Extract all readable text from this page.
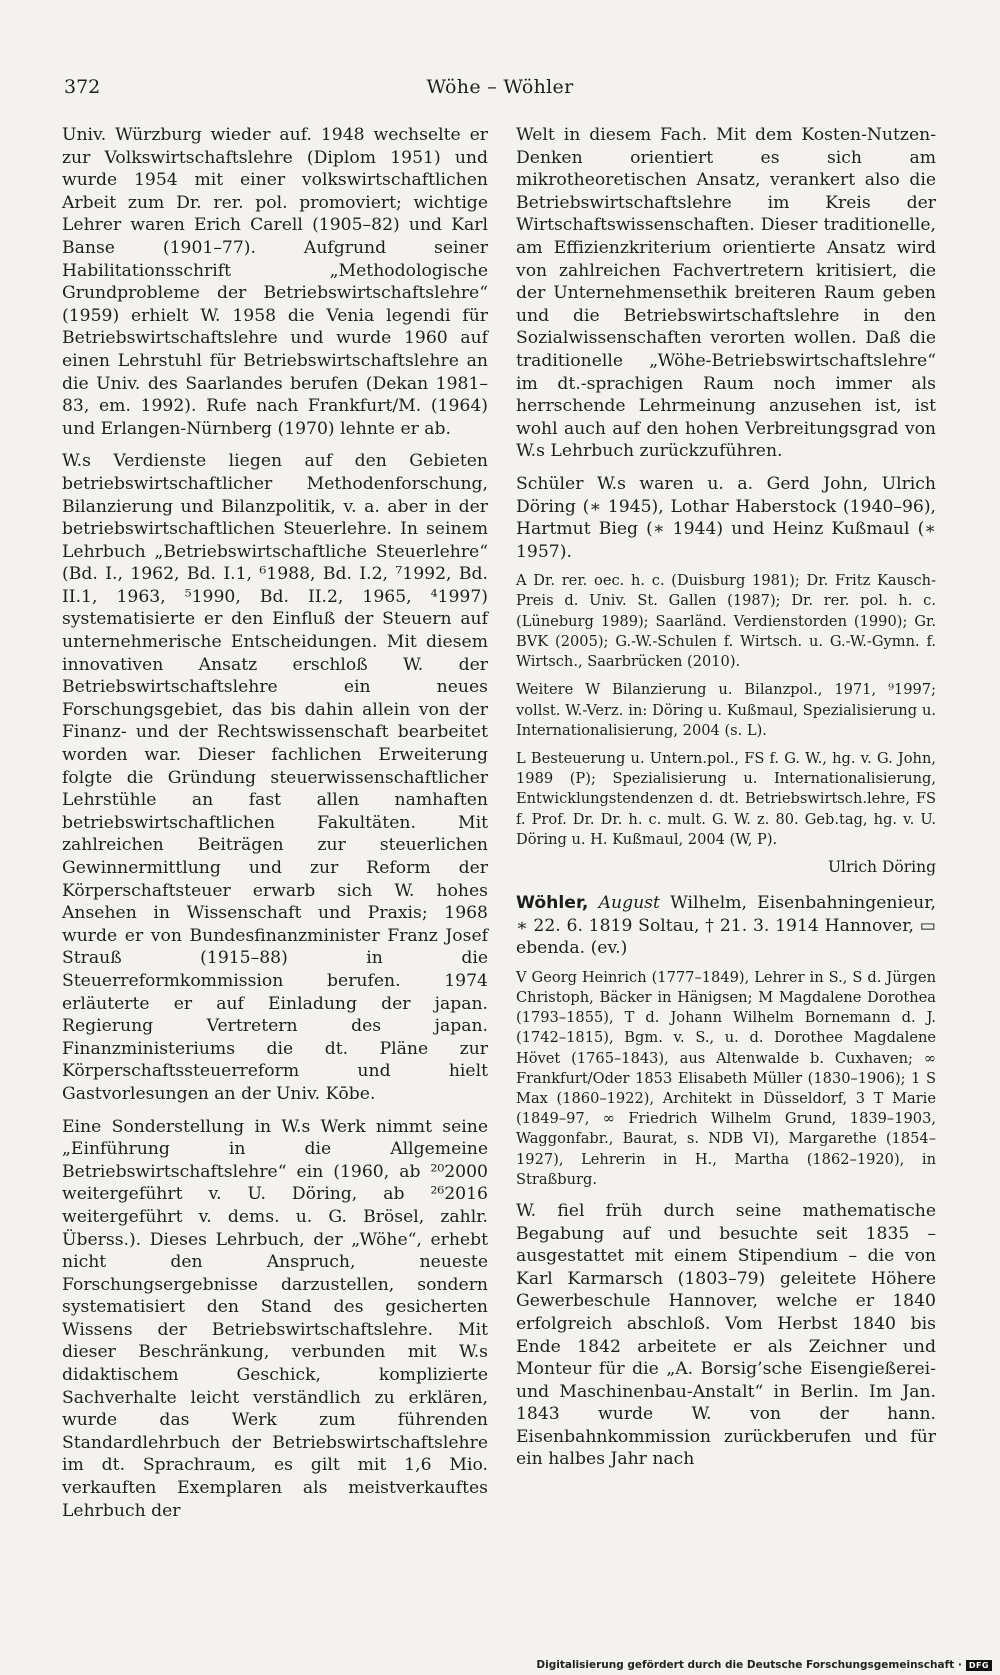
372	Wöhe – Wöhler

Univ. Würzburg wieder auf. 1948 wechselte er zur Volkswirtschaftslehre (Diplom 1951) und wurde 1954 mit einer volkswirtschaftlichen Arbeit zum Dr. rer. pol. promoviert; wichtige Lehrer waren Erich Carell (1905–82) und Karl Banse (1901–77). Aufgrund seiner Habilitationsschrift „Methodologische Grundprobleme der Betriebswirtschaftslehre“ (1959) erhielt W. 1958 die Venia legendi für Betriebswirtschaftslehre und wurde 1960 auf einen Lehrstuhl für Betriebswirtschaftslehre an die Univ. des Saarlandes berufen (Dekan 1981–83, em. 1992). Rufe nach Frankfurt/M. (1964) und Erlangen-Nürnberg (1970) lehnte er ab.

W.s Verdienste liegen auf den Gebieten betriebswirtschaftlicher Methodenforschung, Bilanzierung und Bilanzpolitik, v. a. aber in der betriebswirtschaftlichen Steuerlehre. In seinem Lehrbuch „Betriebswirtschaftliche Steuerlehre“ (Bd. I., 1962, Bd. I.1, ⁶1988, Bd. I.2, ⁷1992, Bd. II.1, 1963, ⁵1990, Bd. II.2, 1965, ⁴1997) systematisierte er den Einfluß der Steuern auf unternehmerische Entscheidungen. Mit diesem innovativen Ansatz erschloß W. der Betriebswirtschaftslehre ein neues Forschungsgebiet, das bis dahin allein von der Finanz- und der Rechtswissenschaft bearbeitet worden war. Dieser fachlichen Erweiterung folgte die Gründung steuerwissenschaftlicher Lehrstühle an fast allen namhaften betriebswirtschaftlichen Fakultäten. Mit zahlreichen Beiträgen zur steuerlichen Gewinnermittlung und zur Reform der Körperschaftsteuer erwarb sich W. hohes Ansehen in Wissenschaft und Praxis; 1968 wurde er von Bundesfinanzminister Franz Josef Strauß (1915–88) in die Steuerreformkommission berufen. 1974 erläuterte er auf Einladung der japan. Regierung Vertretern des japan. Finanzministeriums die dt. Pläne zur Körperschaftssteuerreform und hielt Gastvorlesungen an der Univ. Kōbe.

Eine Sonderstellung in W.s Werk nimmt seine „Einführung in die Allgemeine Betriebswirtschaftslehre“ ein (1960, ab ²⁰2000 weitergeführt v. U. Döring, ab ²⁶2016 weitergeführt v. dems. u. G. Brösel, zahlr. Überss.). Dieses Lehrbuch, der „Wöhe“, erhebt nicht den Anspruch, neueste Forschungsergebnisse darzustellen, sondern systematisiert den Stand des gesicherten Wissens der Betriebswirtschaftslehre. Mit dieser Beschränkung, verbunden mit W.s didaktischem Geschick, komplizierte Sachverhalte leicht verständlich zu erklären, wurde das Werk zum führenden Standardlehrbuch der Betriebswirtschaftslehre im dt. Sprachraum, es gilt mit 1,6 Mio. verkauften Exemplaren als meistverkauftes Lehrbuch der

Welt in diesem Fach. Mit dem Kosten-Nutzen-Denken orientiert es sich am mikrotheoretischen Ansatz, verankert also die Betriebswirtschaftslehre im Kreis der Wirtschaftswissenschaften. Dieser traditionelle, am Effizienzkriterium orientierte Ansatz wird von zahlreichen Fachvertretern kritisiert, die der Unternehmensethik breiteren Raum geben und die Betriebswirtschaftslehre in den Sozialwissenschaften verorten wollen. Daß die traditionelle „Wöhe-Betriebswirtschaftslehre“ im dt.-sprachigen Raum noch immer als herrschende Lehrmeinung anzusehen ist, ist wohl auch auf den hohen Verbreitungsgrad von W.s Lehrbuch zurückzuführen.

Schüler W.s waren u. a. Gerd John, Ulrich Döring (∗ 1945), Lothar Haberstock (1940–96), Hartmut Bieg (∗ 1944) und Heinz Kußmaul (∗ 1957).

A Dr. rer. oec. h. c. (Duisburg 1981); Dr. Fritz Kausch-Preis d. Univ. St. Gallen (1987); Dr. rer. pol. h. c. (Lüneburg 1989); Saarländ. Verdienstorden (1990); Gr. BVK (2005); G.-W.-Schulen f. Wirtsch. u. G.-W.-Gymn. f. Wirtsch., Saarbrücken (2010).

Weitere W Bilanzierung u. Bilanzpol., 1971, ⁹1997; vollst. W.-Verz. in: Döring u. Kußmaul, Spezialisierung u. Internationalisierung, 2004 (s. L).

L Besteuerung u. Untern.pol., FS f. G. W., hg. v. G. John, 1989 (P); Spezialisierung u. Internationalisierung, Entwicklungstendenzen d. dt. Betriebswirtsch.lehre, FS f. Prof. Dr. Dr. h. c. mult. G. W. z. 80. Geb.tag, hg. v. U. Döring u. H. Kußmaul, 2004 (W, P).

Ulrich Döring

Wöhler, August Wilhelm, Eisenbahningenieur, ∗ 22. 6. 1819 Soltau, † 21. 3. 1914 Hannover, ▭ ebenda. (ev.)

V Georg Heinrich (1777–1849), Lehrer in S., S d. Jürgen Christoph, Bäcker in Hänigsen; M Magdalene Dorothea (1793–1855), T d. Johann Wilhelm Bornemann d. J. (1742–1815), Bgm. v. S., u. d. Dorothee Magdalene Hövet (1765–1843), aus Altenwalde b. Cuxhaven; ∞ Frankfurt/Oder 1853 Elisabeth Müller (1830–1906); 1 S Max (1860–1922), Architekt in Düsseldorf, 3 T Marie (1849–97, ∞ Friedrich Wilhelm Grund, 1839–1903, Waggonfabr., Baurat, s. NDB VI), Margarethe (1854–1927), Lehrerin in H., Martha (1862–1920), in Straßburg.

W. fiel früh durch seine mathematische Begabung auf und besuchte seit 1835 – ausgestattet mit einem Stipendium – die von Karl Karmarsch (1803–79) geleitete Höhere Gewerbeschule Hannover, welche er 1840 erfolgreich abschloß. Vom Herbst 1840 bis Ende 1842 arbeitete er als Zeichner und Monteur für die „A. Borsig’sche Eisengießerei- und Maschinenbau-Anstalt“ in Berlin. Im Jan. 1843 wurde W. von der hann. Eisenbahnkommission zurückberufen und für ein halbes Jahr nach

Digitalisierung gefördert durch die Deutsche Forschungsgemeinschaft · DFG
